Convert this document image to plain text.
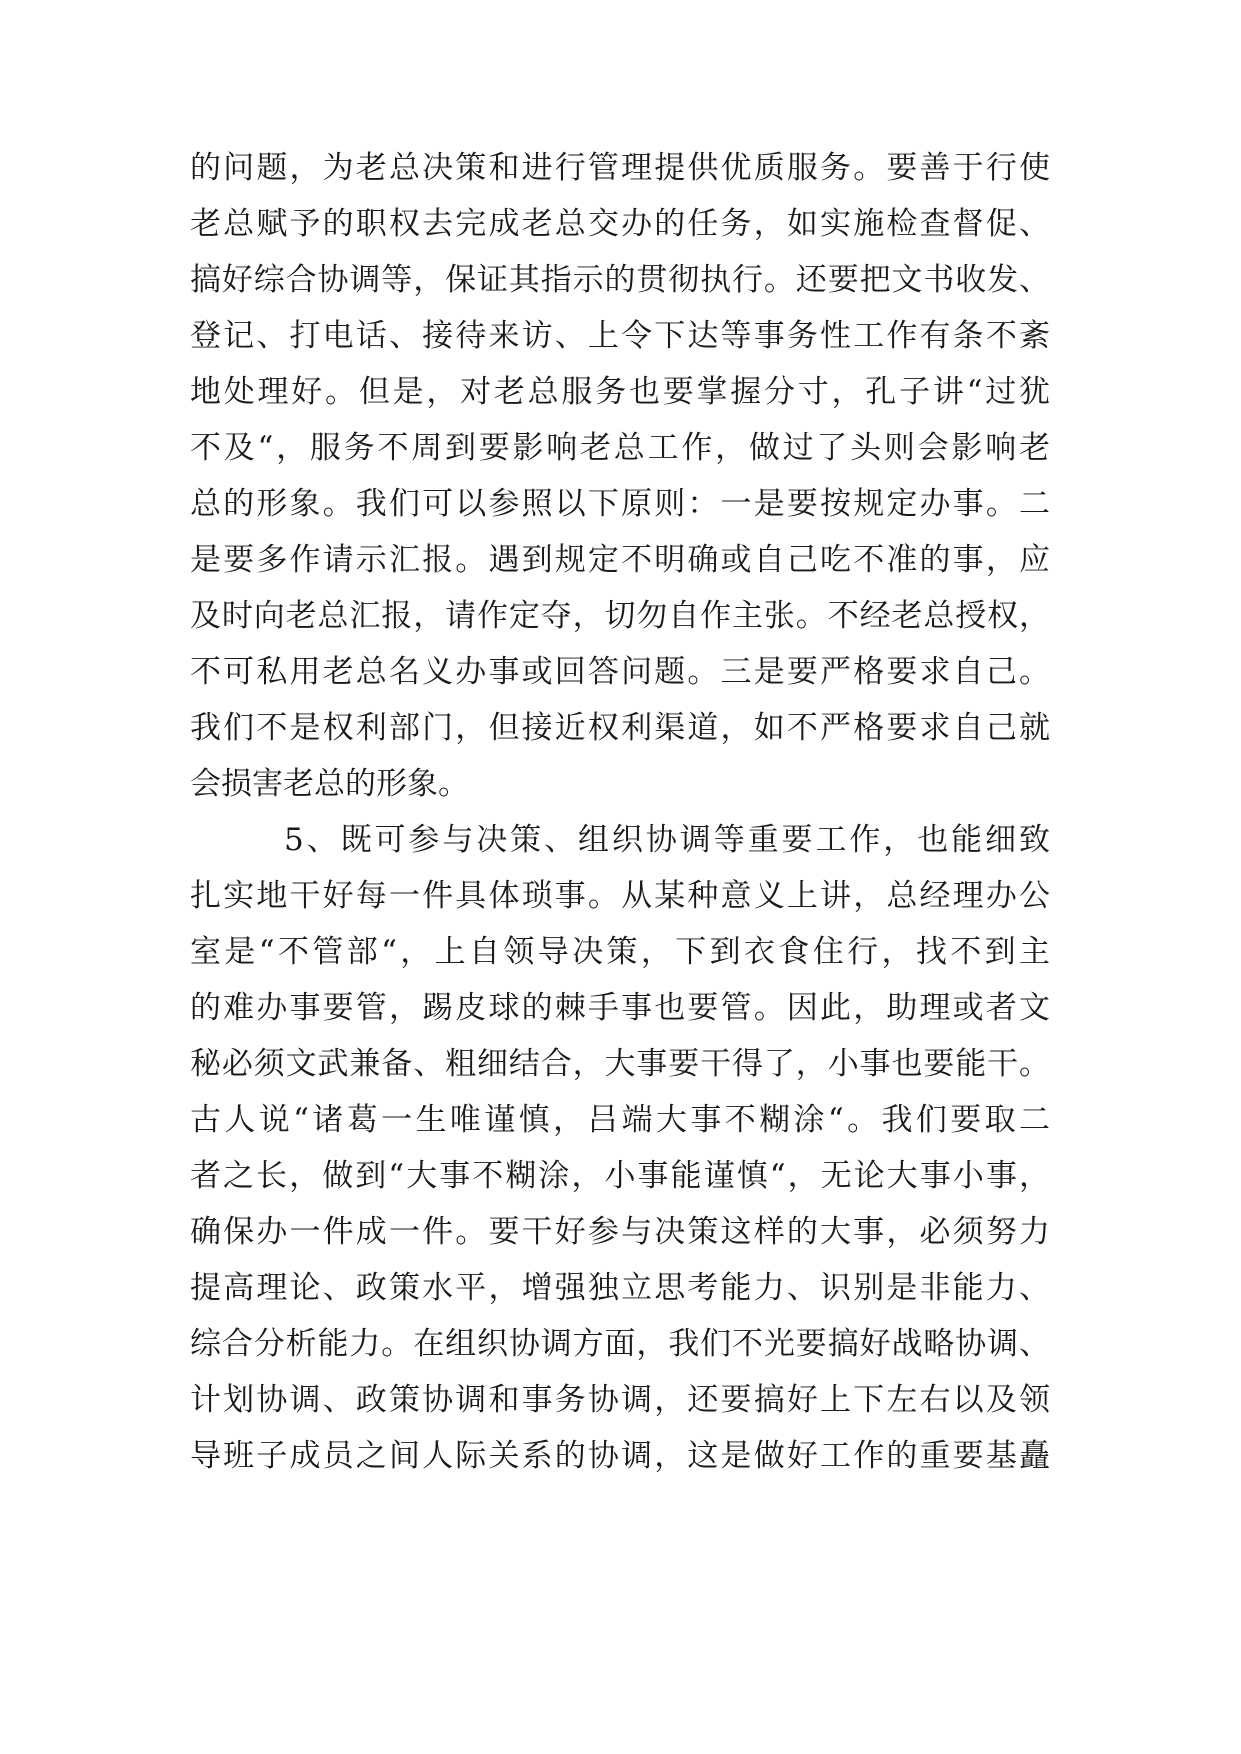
的问题，为老总决策和进行管理提供优质服务。要善于行使
老总赋予的职权去完成老总交办的任务，如实施检查督促、
搞好综合协调等，保证其指示的贯彻执行。还要把文书收发、
登记、打电话、接待来访、上令下达等事务性工作有条不紊
地处理好。但是，对老总服务也要掌握分寸，孔子讲“过犹
不及“，服务不周到要影响老总工作，做过了头则会影响老
总的形象。我们可以参照以下原则：一是要按规定办事。二
是要多作请示汇报。遇到规定不明确或自己吃不准的事，应
及时向老总汇报，请作定夺，切勿自作主张。不经老总授权，
不可私用老总名义办事或回答问题。三是要严格要求自己。
我们不是权利部门，但接近权利渠道，如不严格要求自己就
会损害老总的形象。
5、既可参与决策、组织协调等重要工作，也能细致
扎实地干好每一件具体琐事。从某种意义上讲，总经理办公
室是“不管部“，上自领导决策，下到衣食住行，找不到主
的难办事要管，踢皮球的棘手事也要管。因此，助理或者文
秘必须文武兼备、粗细结合，大事要干得了，小事也要能干。
古人说“诸葛一生唯谨慎，吕端大事不糊涂“。我们要取二
者之长，做到“大事不糊涂，小事能谨慎“，无论大事小事，
确保办一件成一件。要干好参与决策这样的大事，必须努力
提高理论、政策水平，增强独立思考能力、识别是非能力、
综合分析能力。在组织协调方面，我们不光要搞好战略协调、
计划协调、政策协调和事务协调，还要搞好上下左右以及领
导班子成员之间人际关系的协调，这是做好工作的重要基矗
